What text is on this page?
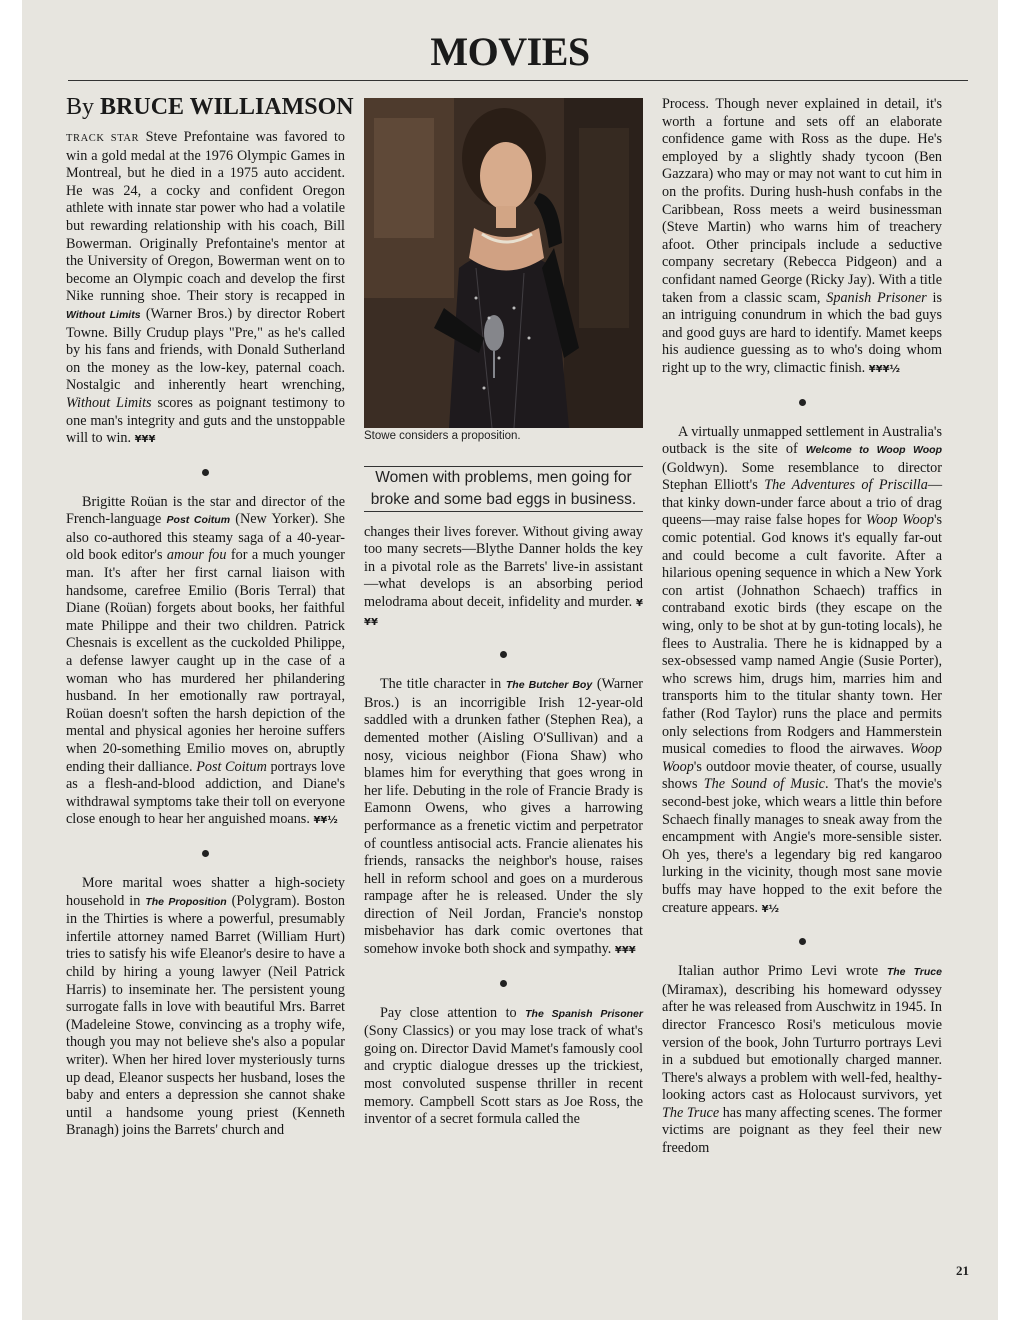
MOVIES
By BRUCE WILLIAMSON

TRACK STAR Steve Prefontaine was favored to win a gold medal at the 1976 Olympic Games in Montreal, but he died in a 1975 auto accident. He was 24, a cocky and confident Oregon athlete with innate star power who had a volatile but rewarding relationship with his coach, Bill Bowerman. Originally Prefontaine's mentor at the University of Oregon, Bowerman went on to become an Olympic coach and develop the first Nike running shoe. Their story is recapped in Without Limits (Warner Bros.) by director Robert Towne. Billy Crudup plays "Pre," as he's called by his fans and friends, with Donald Sutherland on the money as the low-key, paternal coach. Nostalgic and inherently heart wrenching, Without Limits scores as poignant testimony to one man's integrity and guts and the unstoppable will to win. ¥¥¥

Brigitte Roüan is the star and director of the French-language Post Coitum (New Yorker). She also co-authored this steamy saga of a 40-year-old book editor's amour fou for a much younger man. It's after her first carnal liaison with handsome, carefree Emilio (Boris Terral) that Diane (Roüan) forgets about books, her faithful mate Philippe and their two children. Patrick Chesnais is excellent as the cuckolded Philippe, a defense lawyer caught up in the case of a woman who has murdered her philandering husband. In her emotionally raw portrayal, Roüan doesn't soften the harsh depiction of the mental and physical agonies her heroine suffers when 20-something Emilio moves on, abruptly ending their dalliance. Post Coitum portrays love as a flesh-and-blood addiction, and Diane's withdrawal symptoms take their toll on everyone close enough to hear her anguished moans. ¥¥½

More marital woes shatter a high-society household in The Proposition (Polygram). Boston in the Thirties is where a powerful, presumably infertile attorney named Barret (William Hurt) tries to satisfy his wife Eleanor's desire to have a child by hiring a young lawyer (Neil Patrick Harris) to inseminate her. The persistent young surrogate falls in love with beautiful Mrs. Barret (Madeleine Stowe, convincing as a trophy wife, though you may not believe she's also a popular writer). When her hired lover mysteriously turns up dead, Eleanor suspects her husband, loses the baby and enters a depression she cannot shake until a handsome young priest (Kenneth Branagh) joins the Barrets' church and

Stowe considers a proposition.

Women with problems, men going for broke and some bad eggs in business.

changes their lives forever. Without giving away too many secrets—Blythe Danner holds the key in a pivotal role as the Barrets' live-in assistant—what develops is an absorbing period melodrama about deceit, infidelity and murder. ¥¥¥

The title character in The Butcher Boy (Warner Bros.) is an incorrigible Irish 12-year-old saddled with a drunken father (Stephen Rea), a demented mother (Aisling O'Sullivan) and a nosy, vicious neighbor (Fiona Shaw) who blames him for everything that goes wrong in her life. Debuting in the role of Francie Brady is Eamonn Owens, who gives a harrowing performance as a frenetic victim and perpetrator of countless antisocial acts. Francie alienates his friends, ransacks the neighbor's house, raises hell in reform school and goes on a murderous rampage after he is released. Under the sly direction of Neil Jordan, Francie's nonstop misbehavior has dark comic overtones that somehow invoke both shock and sympathy. ¥¥¥

Pay close attention to The Spanish Prisoner (Sony Classics) or you may lose track of what's going on. Director David Mamet's famously cool and cryptic dialogue dresses up the trickiest, most convoluted suspense thriller in recent memory. Campbell Scott stars as Joe Ross, the inventor of a secret formula called the

Process. Though never explained in detail, it's worth a fortune and sets off an elaborate confidence game with Ross as the dupe. He's employed by a slightly shady tycoon (Ben Gazzara) who may or may not want to cut him in on the profits. During hush-hush confabs in the Caribbean, Ross meets a weird businessman (Steve Martin) who warns him of treachery afoot. Other principals include a seductive company secretary (Rebecca Pidgeon) and a confidant named George (Ricky Jay). With a title taken from a classic scam, Spanish Prisoner is an intriguing conundrum in which the bad guys and good guys are hard to identify. Mamet keeps his audience guessing as to who's doing whom right up to the wry, climactic finish. ¥¥¥½

A virtually unmapped settlement in Australia's outback is the site of Welcome to Woop Woop (Goldwyn). Some resemblance to director Stephan Elliott's The Adventures of Priscilla—that kinky down-under farce about a trio of drag queens—may raise false hopes for Woop Woop's comic potential. God knows it's equally far-out and could become a cult favorite. After a hilarious opening sequence in which a New York con artist (Johnathon Schaech) traffics in contraband exotic birds (they escape on the wing, only to be shot at by gun-toting locals), he flees to Australia. There he is kidnapped by a sex-obsessed vamp named Angie (Susie Porter), who screws him, drugs him, marries him and transports him to the titular shanty town. Her father (Rod Taylor) runs the place and permits only selections from Rodgers and Hammerstein musical comedies to flood the airwaves. Woop Woop's outdoor movie theater, of course, usually shows The Sound of Music. That's the movie's second-best joke, which wears a little thin before Schaech finally manages to sneak away from the encampment with Angie's more-sensible sister. Oh yes, there's a legendary big red kangaroo lurking in the vicinity, though most sane movie buffs may have hopped to the exit before the creature appears. ¥½

Italian author Primo Levi wrote The Truce (Miramax), describing his homeward odyssey after he was released from Auschwitz in 1945. In director Francesco Rosi's meticulous movie version of the book, John Turturro portrays Levi in a subdued but emotionally charged manner. There's always a problem with well-fed, healthy-looking actors cast as Holocaust survivors, yet The Truce has many affecting scenes. The former victims are poignant as they feel their new freedom

21
